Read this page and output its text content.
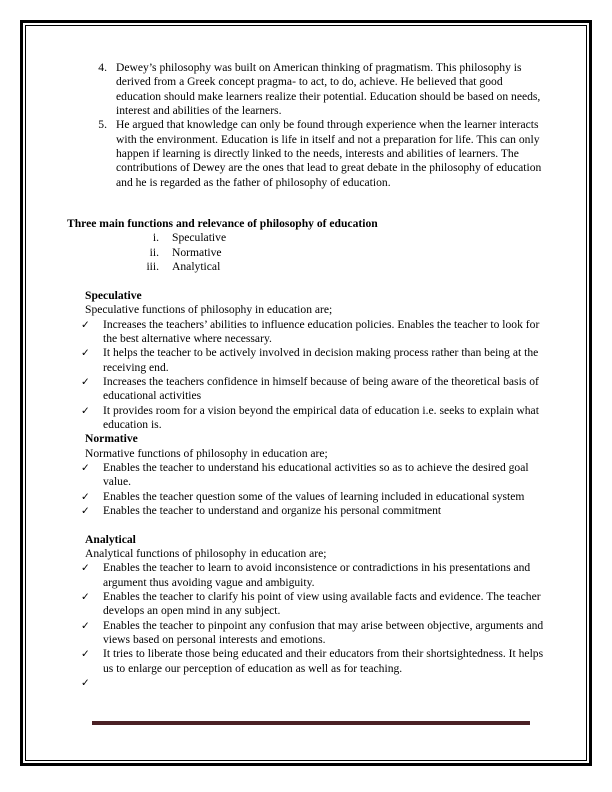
4. Dewey’s philosophy was built on American thinking of pragmatism. This philosophy is derived from a Greek concept pragma- to act, to do, achieve. He believed that good education should make learners realize their potential. Education should be based on needs, interest and abilities of the learners.
5. He argued that knowledge can only be found through experience when the learner interacts with the environment. Education is life in itself and not a preparation for life. This can only happen if learning is directly linked to the needs, interests and abilities of learners. The contributions of Dewey are the ones that lead to great debate in the philosophy of education and he is regarded as the father of philosophy of education.
Three main functions and relevance of philosophy of education
i. Speculative
ii. Normative
iii. Analytical
Speculative
Speculative functions of philosophy in education are;
✓ Increases the teachers’ abilities to influence education policies. Enables the teacher to look for the best alternative where necessary.
✓ It helps the teacher to be actively involved in decision making process rather than being at the receiving end.
✓ Increases the teachers confidence in himself because of being aware of the theoretical basis of educational activities
✓ It provides room for a vision beyond the empirical data of education i.e. seeks to explain what education is.
Normative
Normative functions of philosophy in education are;
✓ Enables the teacher to understand his educational activities so as to achieve the desired goal value.
✓ Enables the teacher question some of the values of learning included in educational system
✓ Enables the teacher to understand and organize his personal commitment
Analytical
Analytical functions of philosophy in education are;
✓ Enables the teacher to learn to avoid inconsistence or contradictions in his presentations and argument thus avoiding vague and ambiguity.
✓ Enables the teacher to clarify his point of view using available facts and evidence. The teacher develops an open mind in any subject.
✓ Enables the teacher to pinpoint any confusion that may arise between objective, arguments and views based on personal interests and emotions.
✓ It tries to liberate those being educated and their educators from their shortsightedness. It helps us to enlarge our perception of education as well as for teaching.
✓
